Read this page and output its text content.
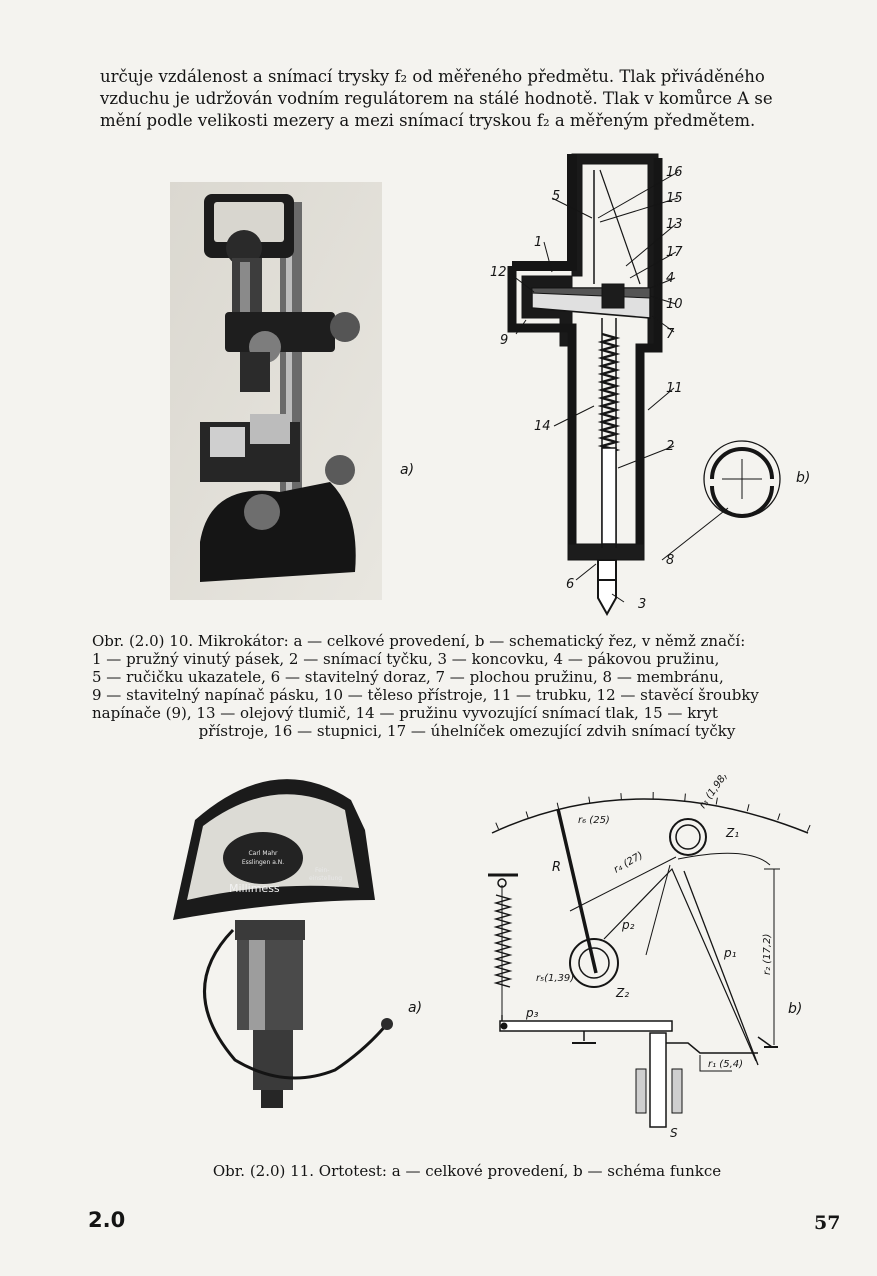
určuje vzdálenost a snímací trysky f₂ od měřeného předmětu. Tlak přiváděného

vzduchu je udržován vodním regulátorem na stálé hodnotě. Tlak v komůrce A se

mění podle velikosti mezery a mezi snímací tryskou f₂ a měřeným předmětem.

a)
16
15
13
17
4
10
7
11
2
5
1
12
9
14
6
3
8
b)
Obr. (2.0) 10. Mikrokátor: a — celkové provedení, b — schematický řez, v němž značí:
1 — pružný vinutý pásek, 2 — snímací tyčku, 3 — koncovku, 4 — pákovou pružinu,
5 — ručičku ukazatele, 6 — stavitelný doraz, 7 — plochou pružinu, 8 — membránu,
9 — stavitelný napínač pásku, 10 — těleso přístroje, 11 — trubku, 12 — stavěcí šroubky
napínače (9), 13 — olejový tlumič, 14 — pružinu vyvozující snímací tlak, 15 — kryt
přístroje, 16 — stupnici, 17 — úhelníček omezující zdvih snímací tyčky
Carl Mahr
Esslingen a.N.
Millimess
Fein-
einstellung
a)
r₆ (25)
r₃ (1,98)
Z₁
r₄ (27)
R
p₂
p₁	r₂ (17,2)
r₅(1,39)
Z₂
p₃
r₁ (5,4)
S
b)
Obr. (2.0) 11. Ortotest: a — celkové provedení, b — schéma funkce
2.0	57
